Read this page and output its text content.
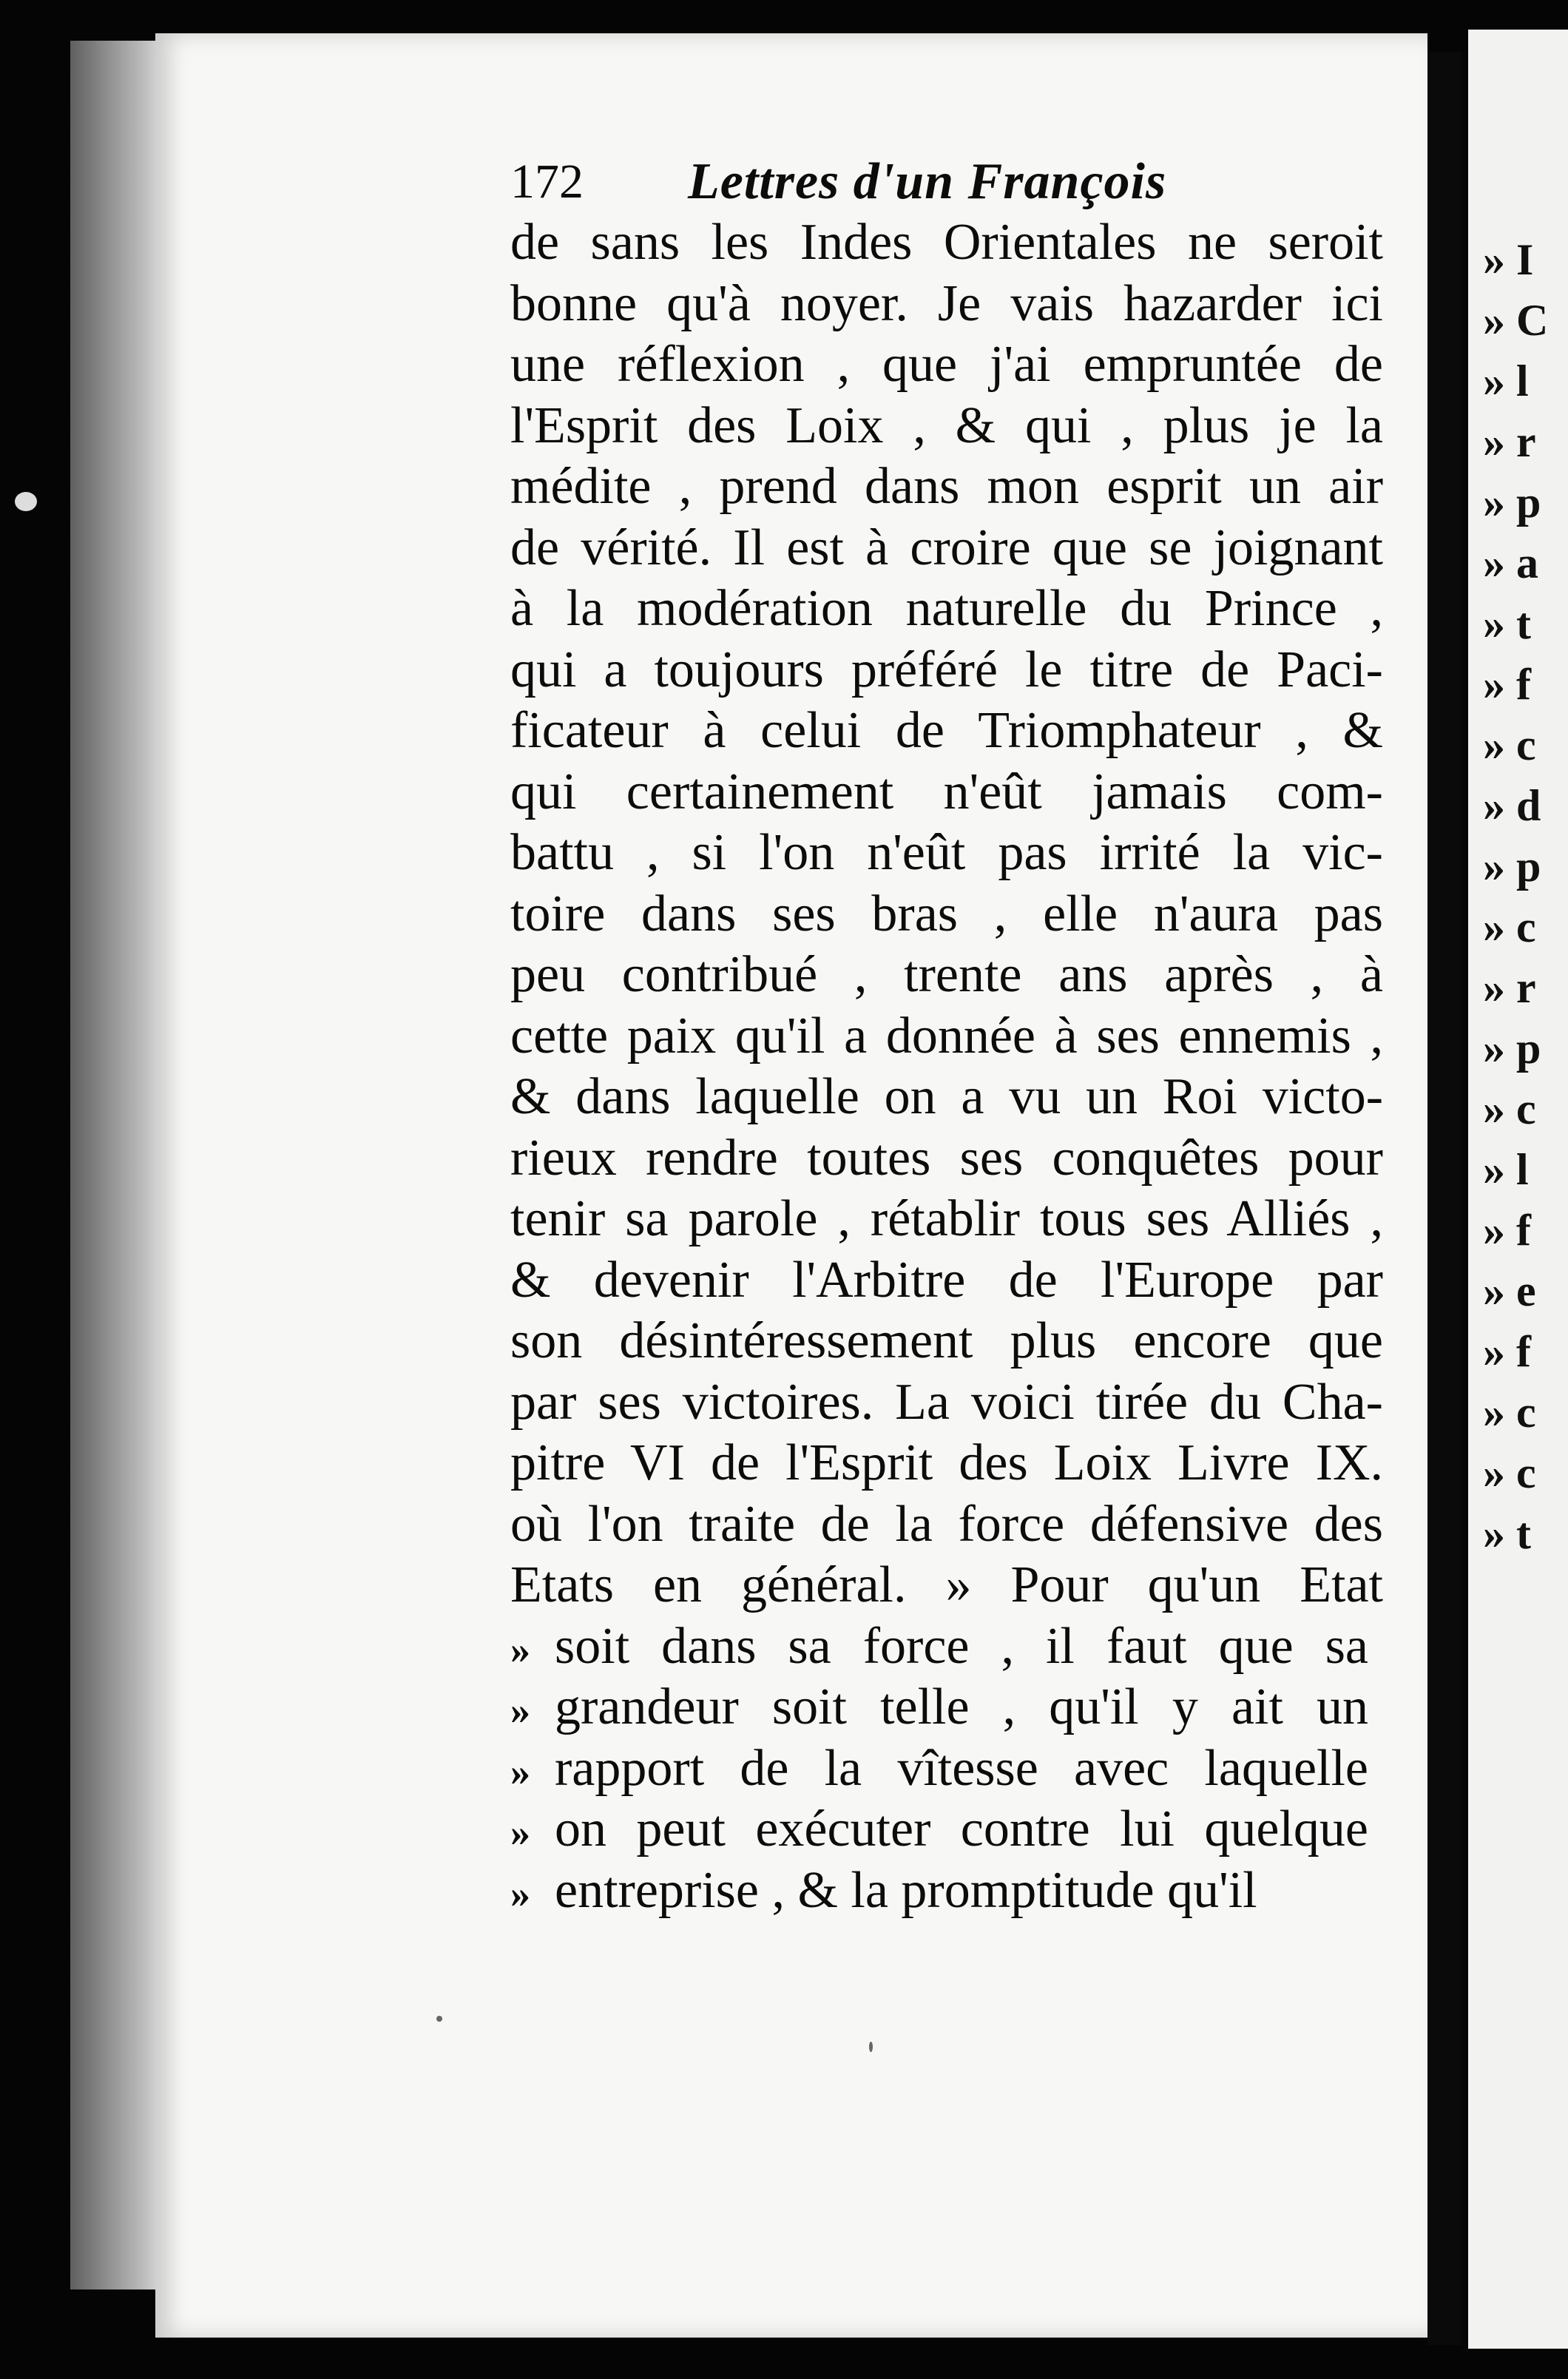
» I
» C
» l
» r
» p
» a
» t
» f
» c
» d
» p
» c
» r
» p
» c
» l
» f
» e
» f
» c
» c
» t
172	Lettres d'un François
de sans les Indes Orientales ne seroit
bonne qu'à noyer. Je vais hazarder ici
une réflexion , que j'ai empruntée de
l'Esprit des Loix , & qui , plus je la
médite , prend dans mon esprit un air
de vérité. Il est à croire que se joignant
à la modération naturelle du Prince ,
qui a toujours préféré le titre de Paci-
ficateur à celui de Triomphateur , &
qui certainement n'eût jamais com-
battu , si l'on n'eût pas irrité la vic-
toire dans ses bras , elle n'aura pas
peu contribué , trente ans après , à
cette paix qu'il a donnée à ses ennemis ,
& dans laquelle on a vu un Roi victo-
rieux rendre toutes ses conquêtes pour
tenir sa parole , rétablir tous ses Alliés ,
& devenir l'Arbitre de l'Europe par
son désintéressement plus encore que
par ses victoires. La voici tirée du Cha-
pitre VI de l'Esprit des Loix Livre IX.
où l'on traite de la force défensive des
Etats en général. » Pour qu'un Etat
» soit dans sa force , il faut que sa
» grandeur soit telle , qu'il y ait un
» rapport de la vîtesse avec laquelle
» on peut exécuter contre lui quelque
» entreprise , & la promptitude qu'il
